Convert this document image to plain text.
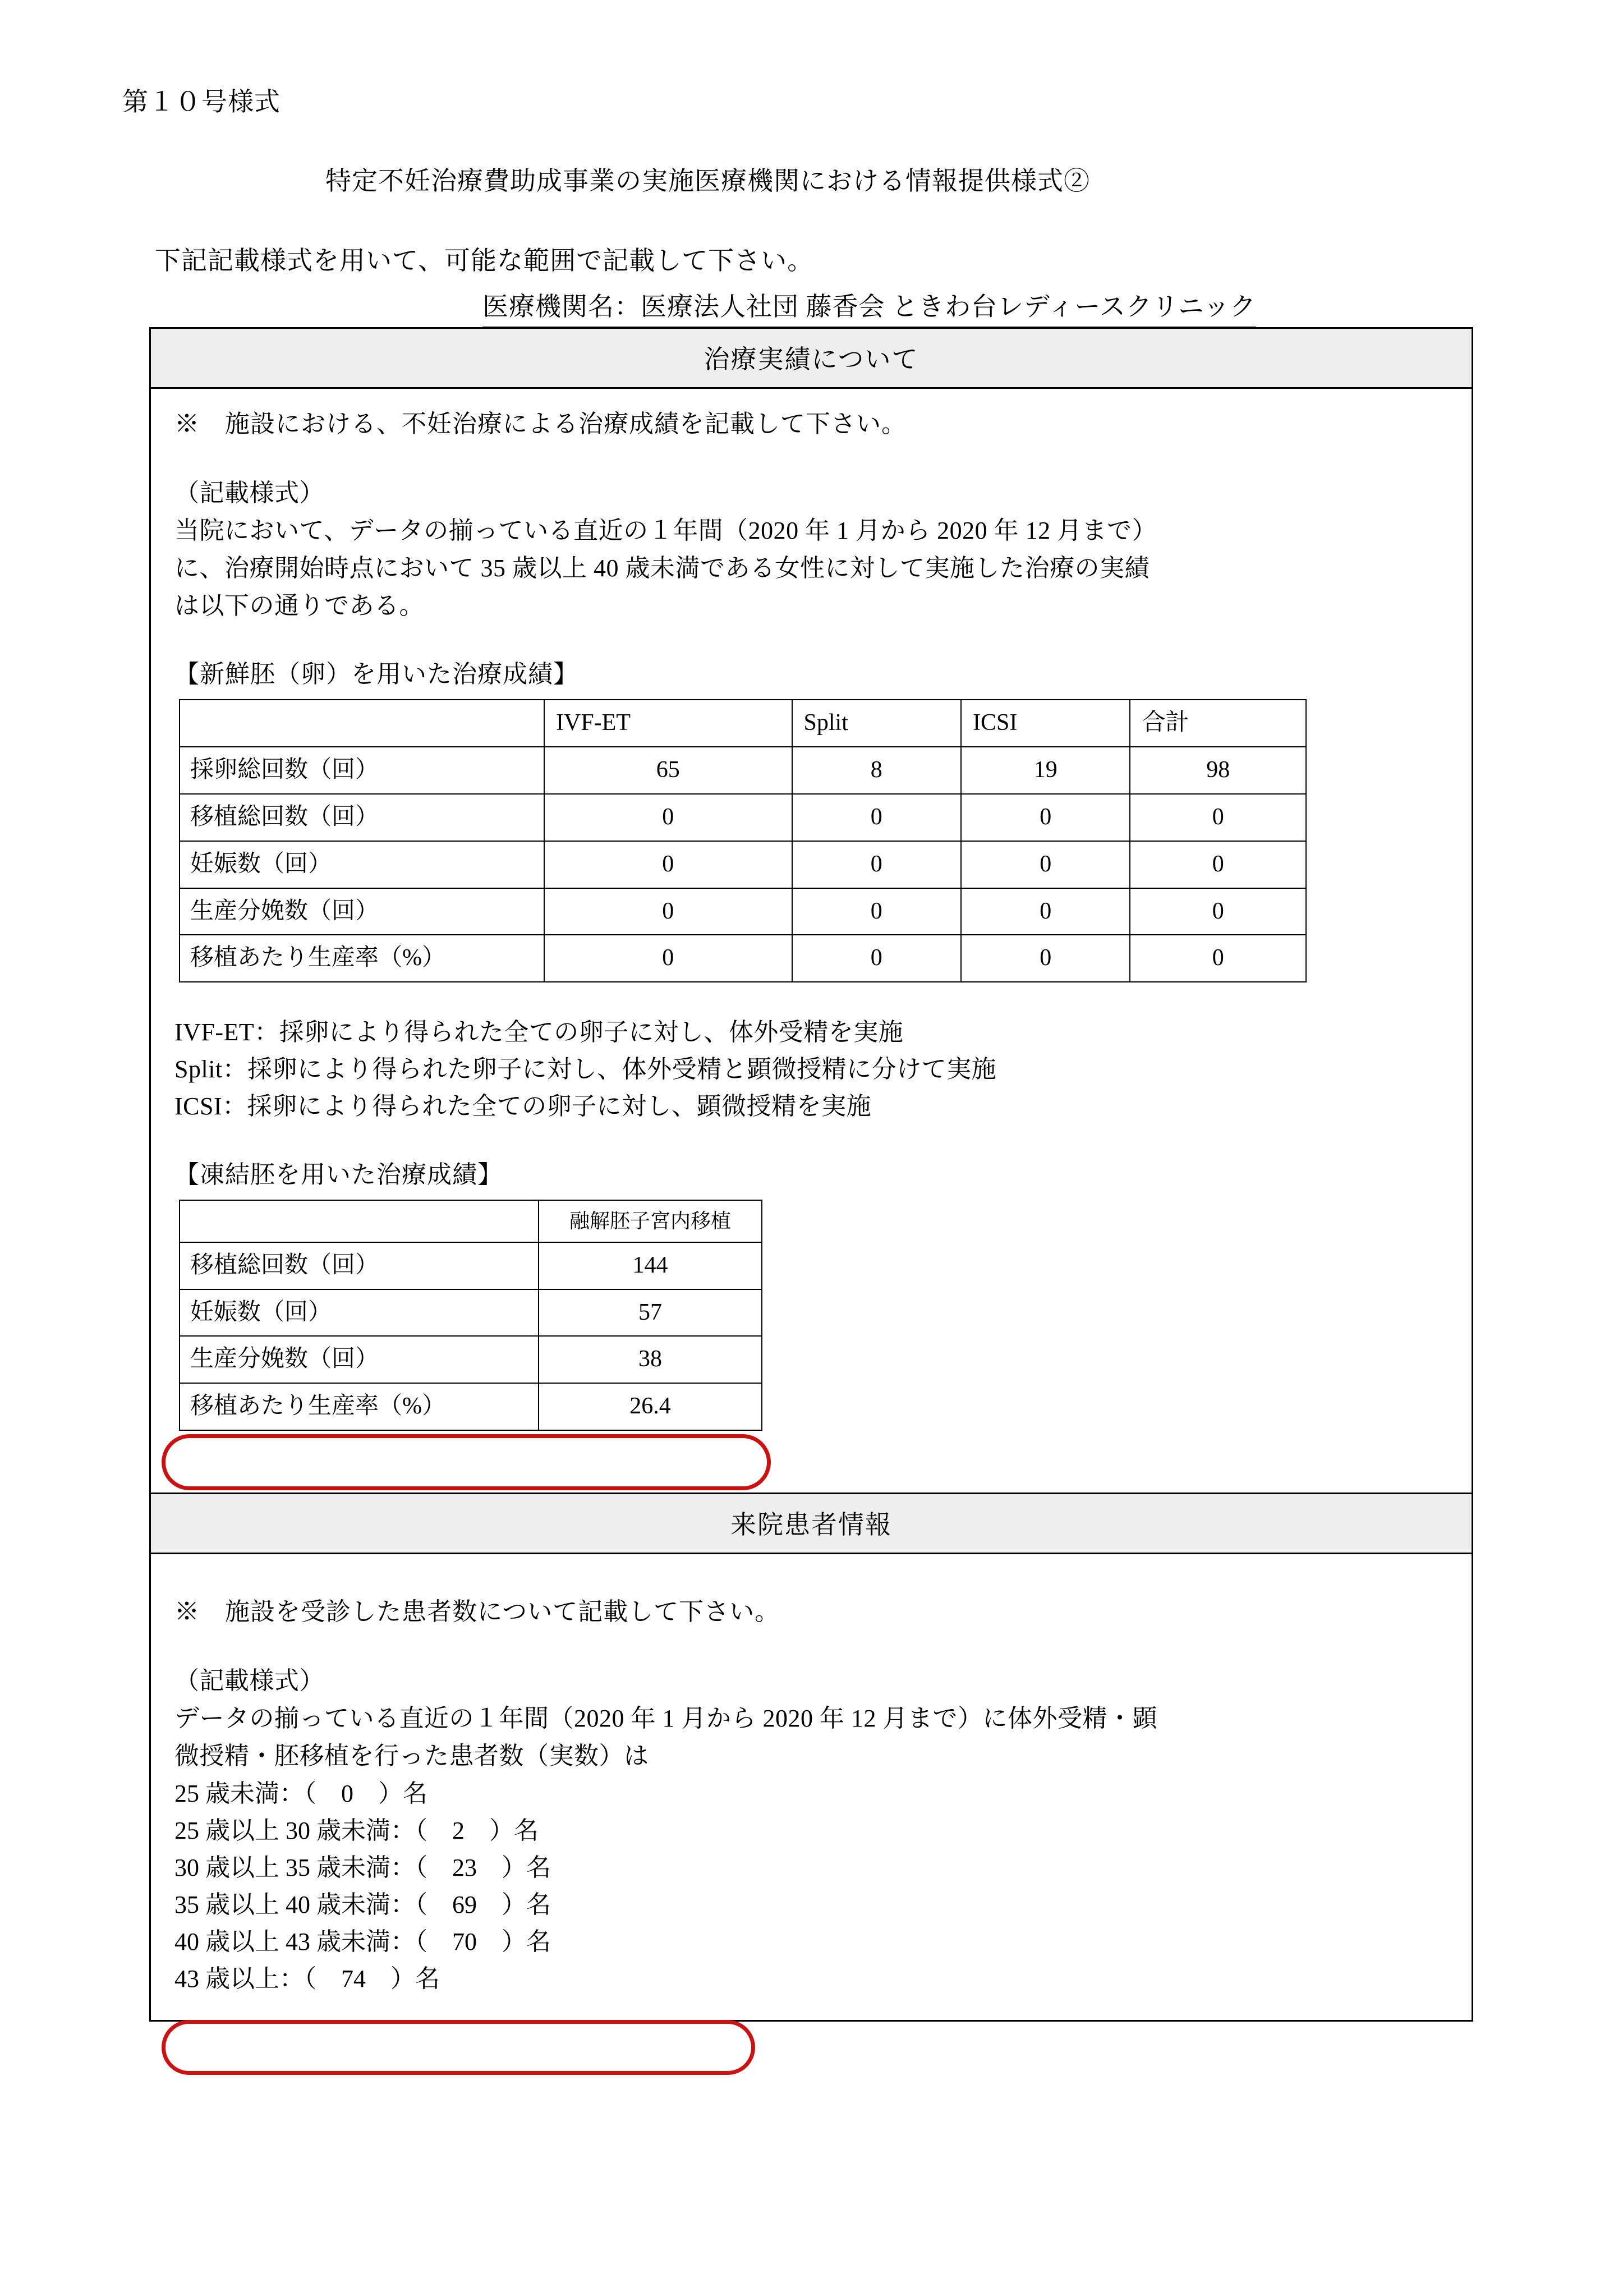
第１０号様式
特定不妊治療費助成事業の実施医療機関における情報提供様式②
下記記載様式を用いて、可能な範囲で記載して下さい。
医療機関名：医療法人社団 藤香会 ときわ台レディースクリニック
治療実績について
※　施設における、不妊治療による治療成績を記載して下さい。
（記載様式）
当院において、データの揃っている直近の１年間（2020 年 1 月から 2020 年 12 月まで）
に、治療開始時点において 35 歳以上 40 歳未満である女性に対して実施した治療の実績
は以下の通りである。
【新鮮胚（卵）を用いた治療成績】
	IVF-ET	Split	ICSI	合計
採卵総回数（回）	65	8	19	98
移植総回数（回）	0	0	0	0
妊娠数（回）	0	0	0	0
生産分娩数（回）	0	0	0	0
移植あたり生産率（%）	0	0	0	0
IVF-ET：採卵により得られた全ての卵子に対し、体外受精を実施
Split：採卵により得られた卵子に対し、体外受精と顕微授精に分けて実施
ICSI：採卵により得られた全ての卵子に対し、顕微授精を実施
【凍結胚を用いた治療成績】
	融解胚子宮内移植
移植総回数（回）	144
妊娠数（回）	57
生産分娩数（回）	38
移植あたり生産率（%）	26.4
来院患者情報
※　施設を受診した患者数について記載して下さい。
（記載様式）
データの揃っている直近の１年間（2020 年 1 月から 2020 年 12 月まで）に体外受精・顕
微授精・胚移植を行った患者数（実数）は
25 歳未満：（　0　）名
25 歳以上 30 歳未満：（　2　）名
30 歳以上 35 歳未満：（　23　）名
35 歳以上 40 歳未満：（　69　）名
40 歳以上 43 歳未満：（　70　）名
43 歳以上：（　74　）名
